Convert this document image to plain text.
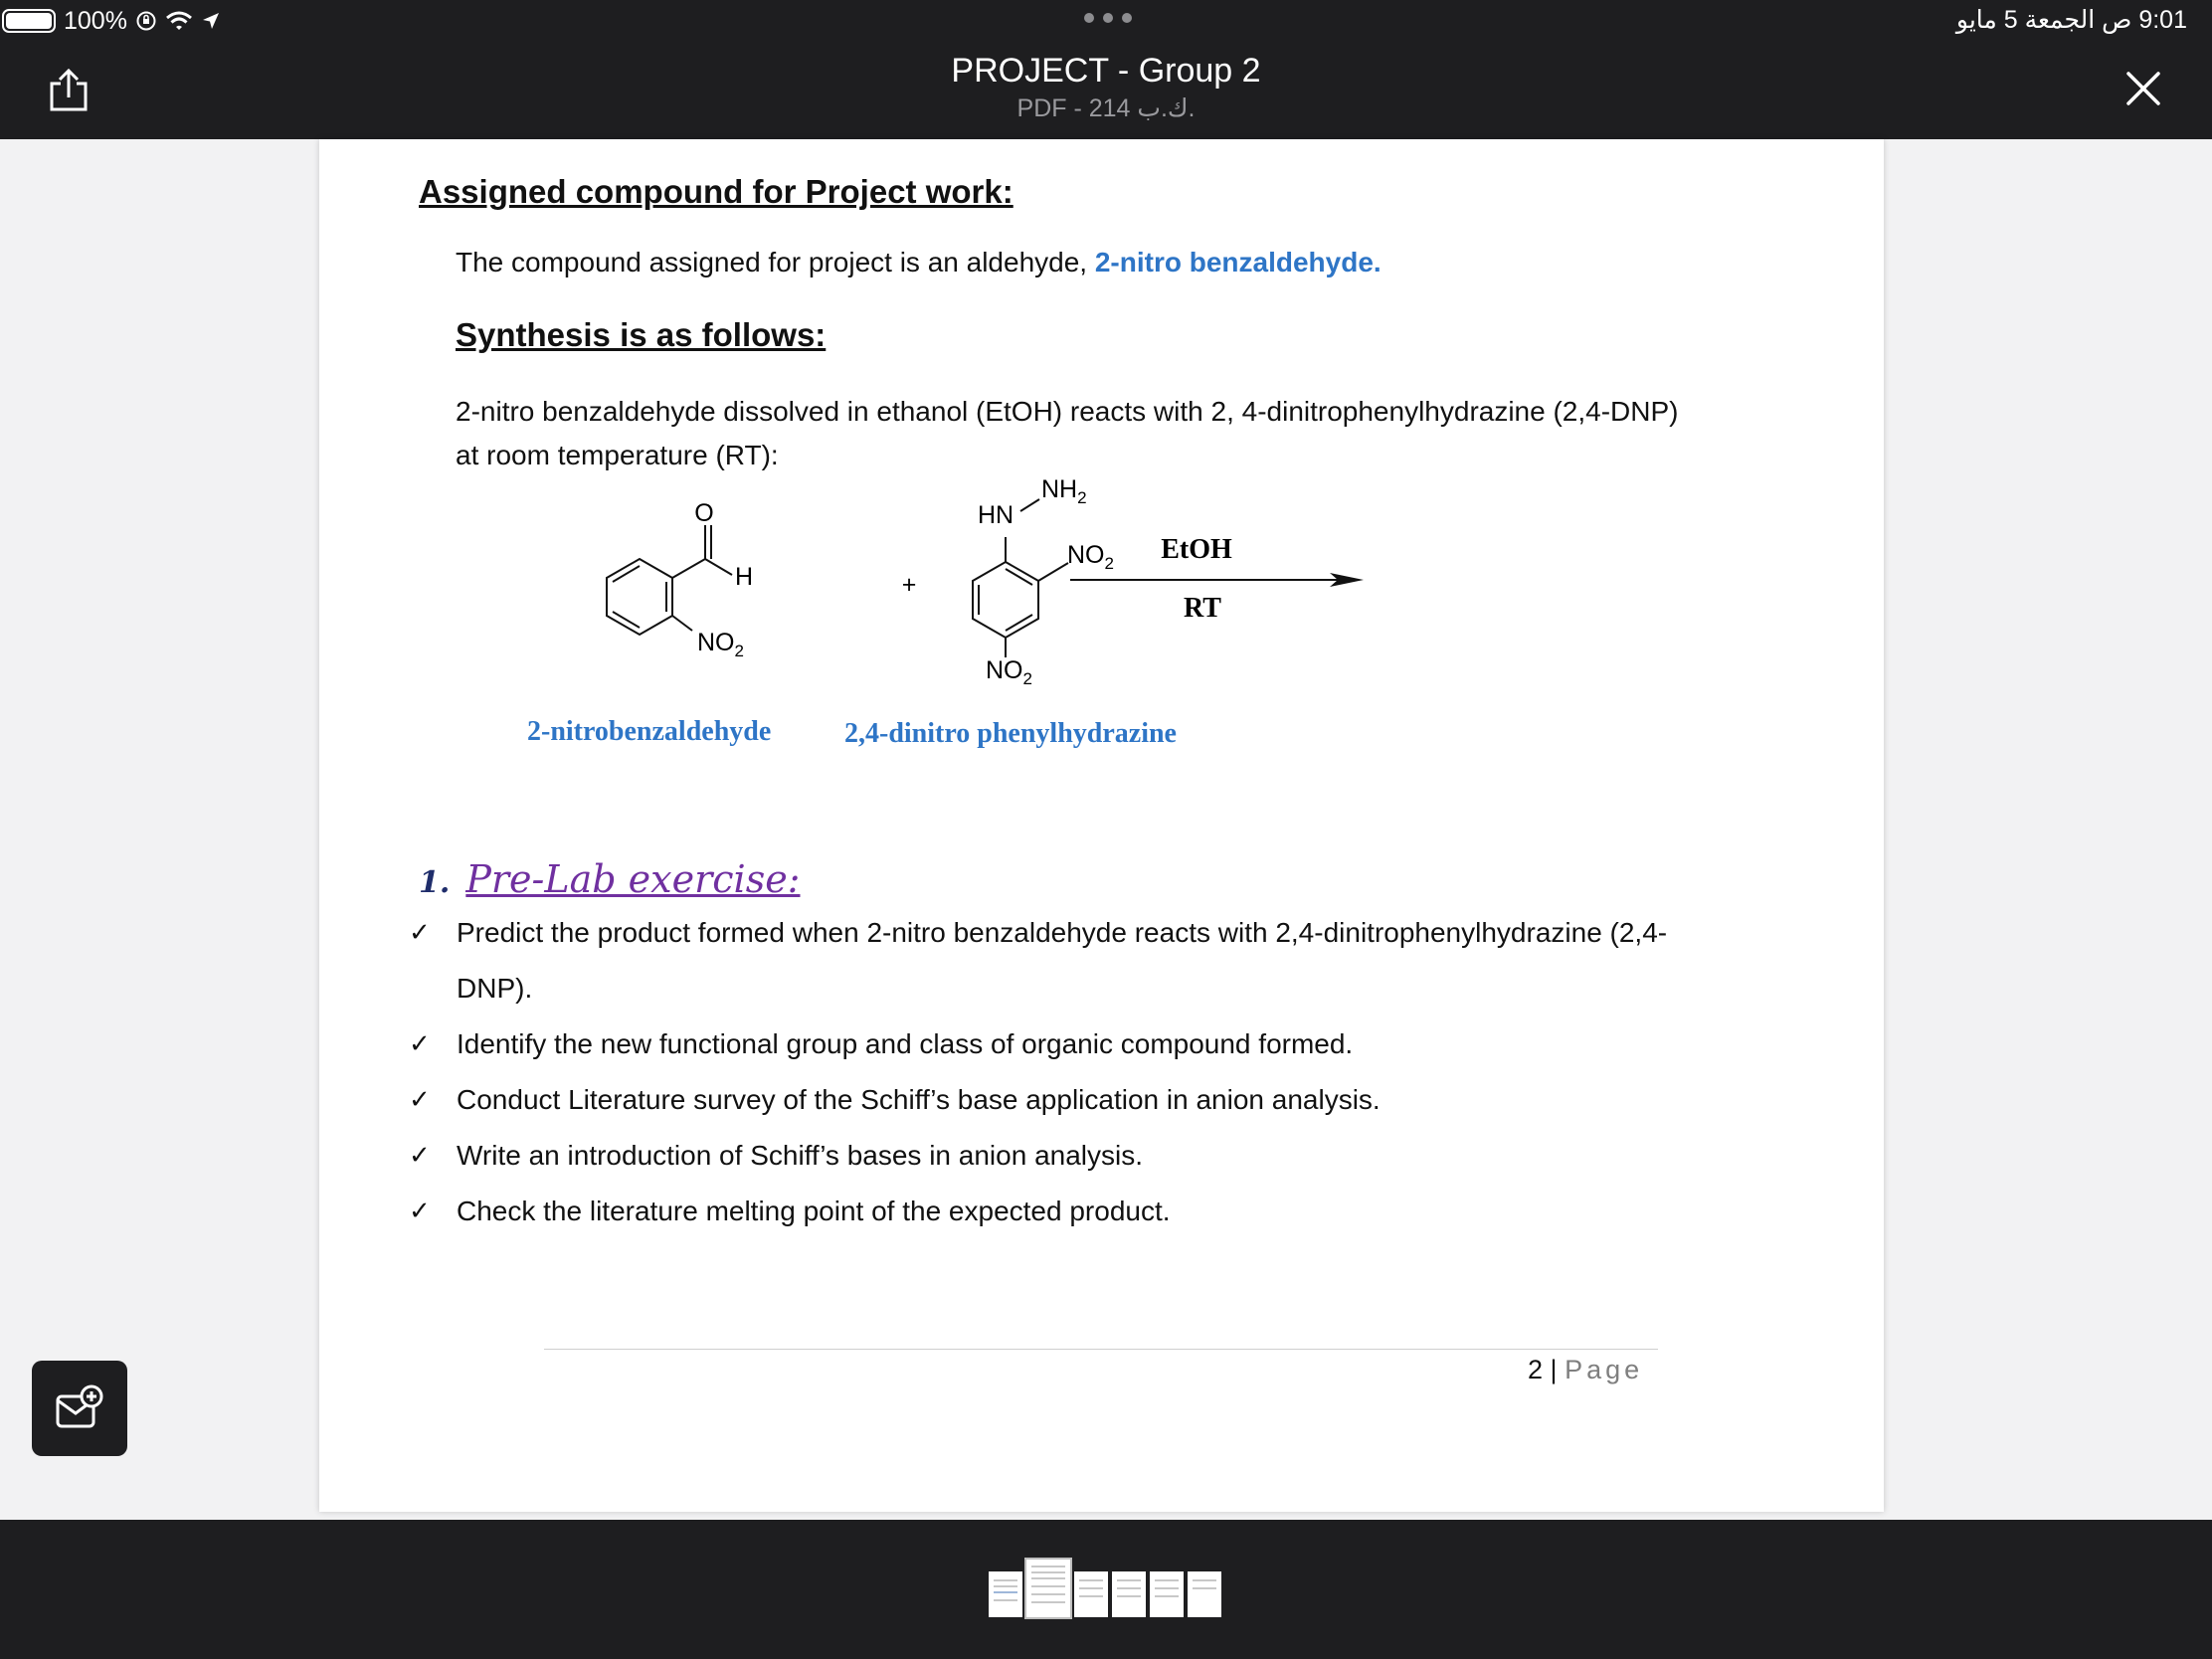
100%	9:01 ص الجمعة 5 مايو
PROJECT - Group 2
PDF - 214 ك.ب.
Assigned compound for Project work:
The compound assigned for project is an aldehyde, 2-nitro benzaldehyde.
Synthesis is as follows:
2-nitro benzaldehyde dissolved in ethanol (EtOH) reacts with 2, 4-dinitrophenylhydrazine (2,4-DNP) at room temperature (RT):
O
H
$NO_2$
+
$NH_2$
HN
$NO_2$
$NO_2$
EtOH
RT
2-nitrobenzaldehyde	2,4-dinitro phenylhydrazine
1. Pre-Lab exercise:
✓ Predict the product formed when 2-nitro benzaldehyde reacts with 2,4-dinitrophenylhydrazine (2,4-DNP).
✓ Identify the new functional group and class of organic compound formed.
✓ Conduct Literature survey of the Schiff’s base application in anion analysis.
✓ Write an introduction of Schiff’s bases in anion analysis.
✓ Check the literature melting point of the expected product.
2 | Page
